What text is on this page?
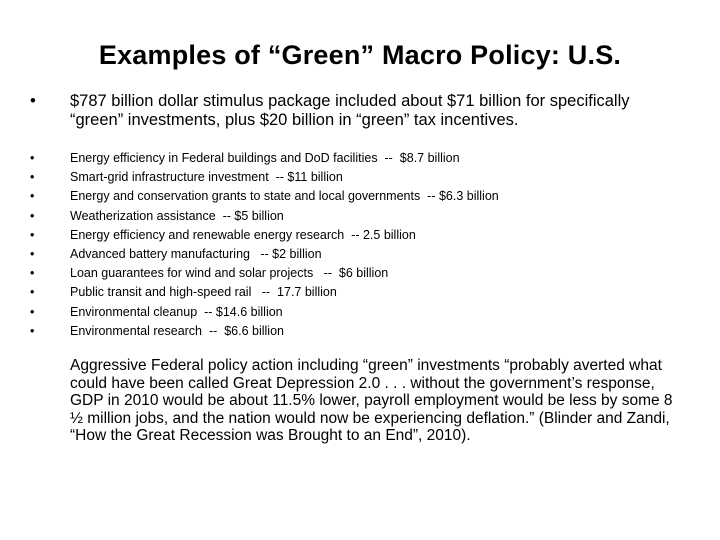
Examples of “Green” Macro Policy: U.S.
• $787 billion dollar stimulus package included about $71 billion for specifically “green” investments, plus $20 billion in “green” tax incentives.
•	Energy efficiency in Federal buildings and DoD facilities  --  $8.7 billion
•	Smart-grid infrastructure investment  -- $11 billion
•	Energy and conservation grants to state and local governments  -- $6.3 billion
•	Weatherization assistance  -- $5 billion
•	Energy efficiency and renewable energy research  -- 2.5 billion
•	Advanced battery manufacturing   -- $2 billion
•	Loan guarantees for wind and solar projects   --  $6 billion
•	Public transit and high-speed rail   --  17.7 billion
•	Environmental cleanup  -- $14.6 billion
•	Environmental research  --  $6.6 billion
Aggressive Federal policy action including “green” investments “probably averted what could have been called Great Depression 2.0 . . . without the government’s response, GDP in 2010 would be about 11.5% lower, payroll employment would be less by some 8 ½ million jobs, and the nation would now be experiencing deflation.” (Blinder and Zandi, “How the Great Recession was Brought to an End”, 2010).
